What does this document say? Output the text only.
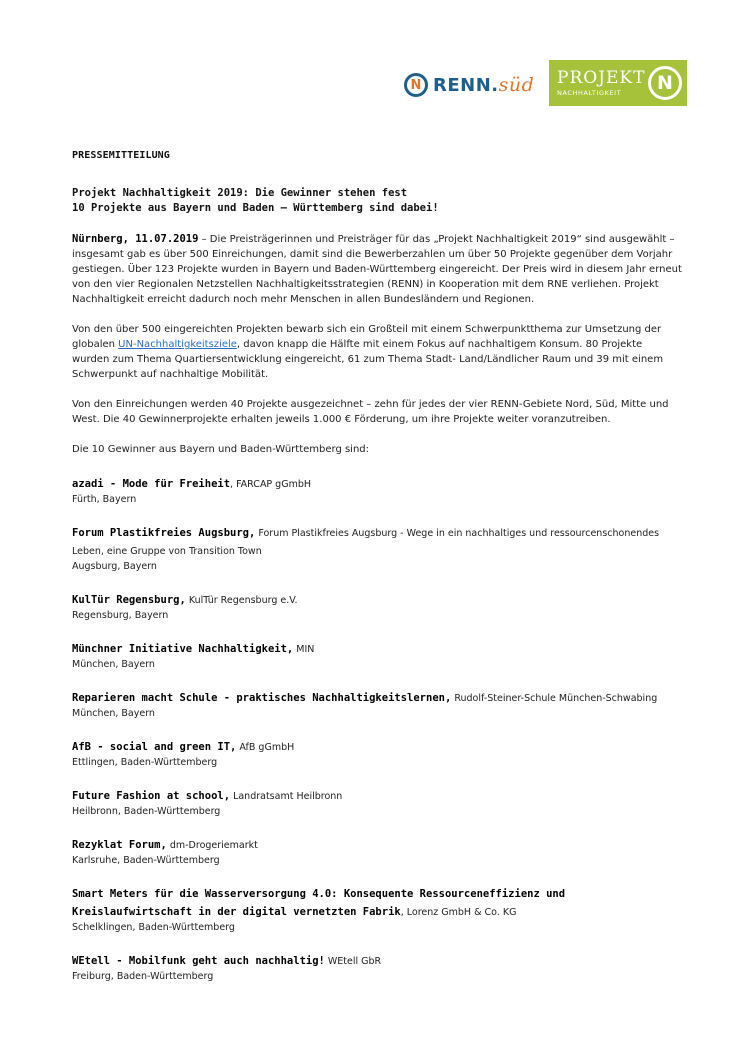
N RENN.süd PROJEKT
NACHHALTIGKEIT	N
PRESSEMITTEILUNG
Projekt Nachhaltigkeit 2019: Die Gewinner stehen fest
10 Projekte aus Bayern und Baden – Württemberg sind dabei!

Nürnberg, 11.07.2019 – Die Preisträgerinnen und Preisträger für das „Projekt Nachhaltigkeit 2019“ sind ausgewählt – insgesamt gab es über 500 Einreichungen, damit sind die Bewerberzahlen um über 50 Projekte gegenüber dem Vorjahr gestiegen. Über 123 Projekte wurden in Bayern und Baden-Württemberg eingereicht. Der Preis wird in diesem Jahr erneut von den vier Regionalen Netzstellen Nachhaltigkeitsstrategien (RENN) in Kooperation mit dem RNE verliehen. Projekt Nachhaltigkeit erreicht dadurch noch mehr Menschen in allen Bundesländern und Regionen.

Von den über 500 eingereichten Projekten bewarb sich ein Großteil mit einem Schwerpunktthema zur Umsetzung der globalen UN-Nachhaltigkeitsziele, davon knapp die Hälfte mit einem Fokus auf nachhaltigem Konsum. 80 Projekte wurden zum Thema Quartiersentwicklung eingereicht, 61 zum Thema Stadt- Land/Ländlicher Raum und 39 mit einem Schwerpunkt auf nachhaltige Mobilität.

Von den Einreichungen werden 40 Projekte ausgezeichnet – zehn für jedes der vier RENN-Gebiete Nord, Süd, Mitte und West. Die 40 Gewinnerprojekte erhalten jeweils 1.000 € Förderung, um ihre Projekte weiter voranzutreiben.

Die 10 Gewinner aus Bayern und Baden-Württemberg sind:

azadi - Mode für Freiheit, FARCAP gGmbH
Fürth, Bayern
Forum Plastikfreies Augsburg, Forum Plastikfreies Augsburg - Wege in ein nachhaltiges und ressourcenschonendes Leben, eine Gruppe von Transition Town
Augsburg, Bayern
KulTür Regensburg, KulTür Regensburg e.V.
Regensburg, Bayern
Münchner Initiative Nachhaltigkeit, MIN
München, Bayern
Reparieren macht Schule - praktisches Nachhaltigkeitslernen, Rudolf-Steiner-Schule München-Schwabing
München, Bayern
AfB - social and green IT, AfB gGmbH
Ettlingen, Baden-Württemberg
Future Fashion at school, Landratsamt Heilbronn
Heilbronn, Baden-Württemberg
Rezyklat Forum, dm-Drogeriemarkt
Karlsruhe, Baden-Württemberg
Smart Meters für die Wasserversorgung 4.0: Konsequente Ressourceneffizienz und Kreislaufwirtschaft in der digital vernetzten Fabrik, Lorenz GmbH & Co. KG
Schelklingen, Baden-Württemberg
WEtell - Mobilfunk geht auch nachhaltig! WEtell GbR
Freiburg, Baden-Württemberg
